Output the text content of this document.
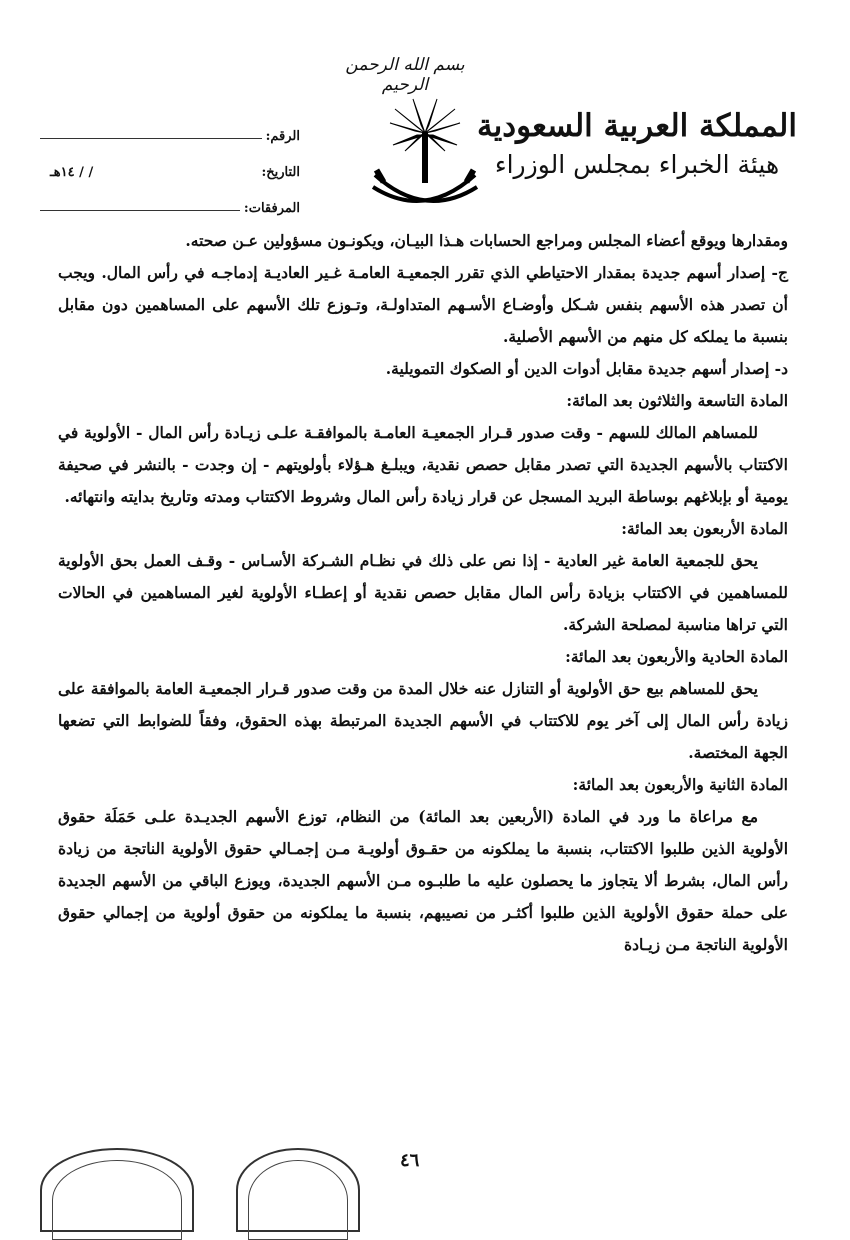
بسم الله الرحمن الرحيم
المملكة العربية السعودية
هيئة الخبراء بمجلس الوزراء
الرقم
:
التاريخ
:
/ / ١٤هـ
المرفقات
:

ومقدارها ويوقع أعضاء المجلس ومراجع الحسابات هـذا البيـان، ويكونـون مسؤولين عـن صحته.

ج- إصدار أسهم جديدة بمقدار الاحتياطي الذي تقرر الجمعيـة العامـة غـير العاديـة إدماجـه في رأس المال. ويجب أن تصدر هذه الأسهم بنفس شـكل وأوضـاع الأسـهم المتداولـة، وتـوزع تلك الأسهم على المساهمين دون مقابل بنسبة ما يملكه كل منهم من الأسهم الأصلية.

د- إصدار أسهم جديدة مقابل أدوات الدين أو الصكوك التمويلية.

المادة التاسعة والثلاثون بعد المائة:

للمساهم المالك للسهم - وقت صدور قـرار الجمعيـة العامـة بالموافقـة علـى زيـادة رأس المال - الأولوية في الاكتتاب بالأسهم الجديدة التي تصدر مقابل حصص نقدية، ويبلـغ هـؤلاء بأولويتهم - إن وجدت - بالنشر في صحيفة يومية أو بإبلاغهم بوساطة البريد المسجل عن قرار زيادة رأس المال وشروط الاكتتاب ومدته وتاريخ بدايته وانتهائه.

المادة الأربعون بعد المائة:

يحق للجمعية العامة غير العادية - إذا نص على ذلك في نظـام الشـركة الأسـاس - وقـف العمل بحق الأولوية للمساهمين في الاكتتاب بزيادة رأس المال مقابل حصص نقدية أو إعطـاء الأولوية لغير المساهمين في الحالات التي تراها مناسبة لمصلحة الشركة.

المادة الحادية والأربعون بعد المائة:

يحق للمساهم بيع حق الأولوية أو التنازل عنه خلال المدة من وقت صدور قـرار الجمعيـة العامة بالموافقة على زيادة رأس المال إلى آخر يوم للاكتتاب في الأسهم الجديدة المرتبطة بهذه الحقوق، وفقاً للضوابط التي تضعها الجهة المختصة.

المادة الثانية والأربعون بعد المائة:

مع مراعاة ما ورد في المادة (الأربعين بعد المائة) من النظام، توزع الأسهم الجديـدة علـى حَمَلَة حقوق الأولوية الذين طلبوا الاكتتاب، بنسبة ما يملكونه من حقـوق أولويـة مـن إجمـالي حقوق الأولوية الناتجة من زيادة رأس المال، بشرط ألا يتجاوز ما يحصلون عليه ما طلبـوه مـن الأسهم الجديدة، ويوزع الباقي من الأسهم الجديدة على حملة حقوق الأولوية الذين طلبوا أكثـر من نصيبهم، بنسبة ما يملكونه من حقوق أولوية من إجمالي حقوق الأولوية الناتجة مـن زيـادة

٤٦
